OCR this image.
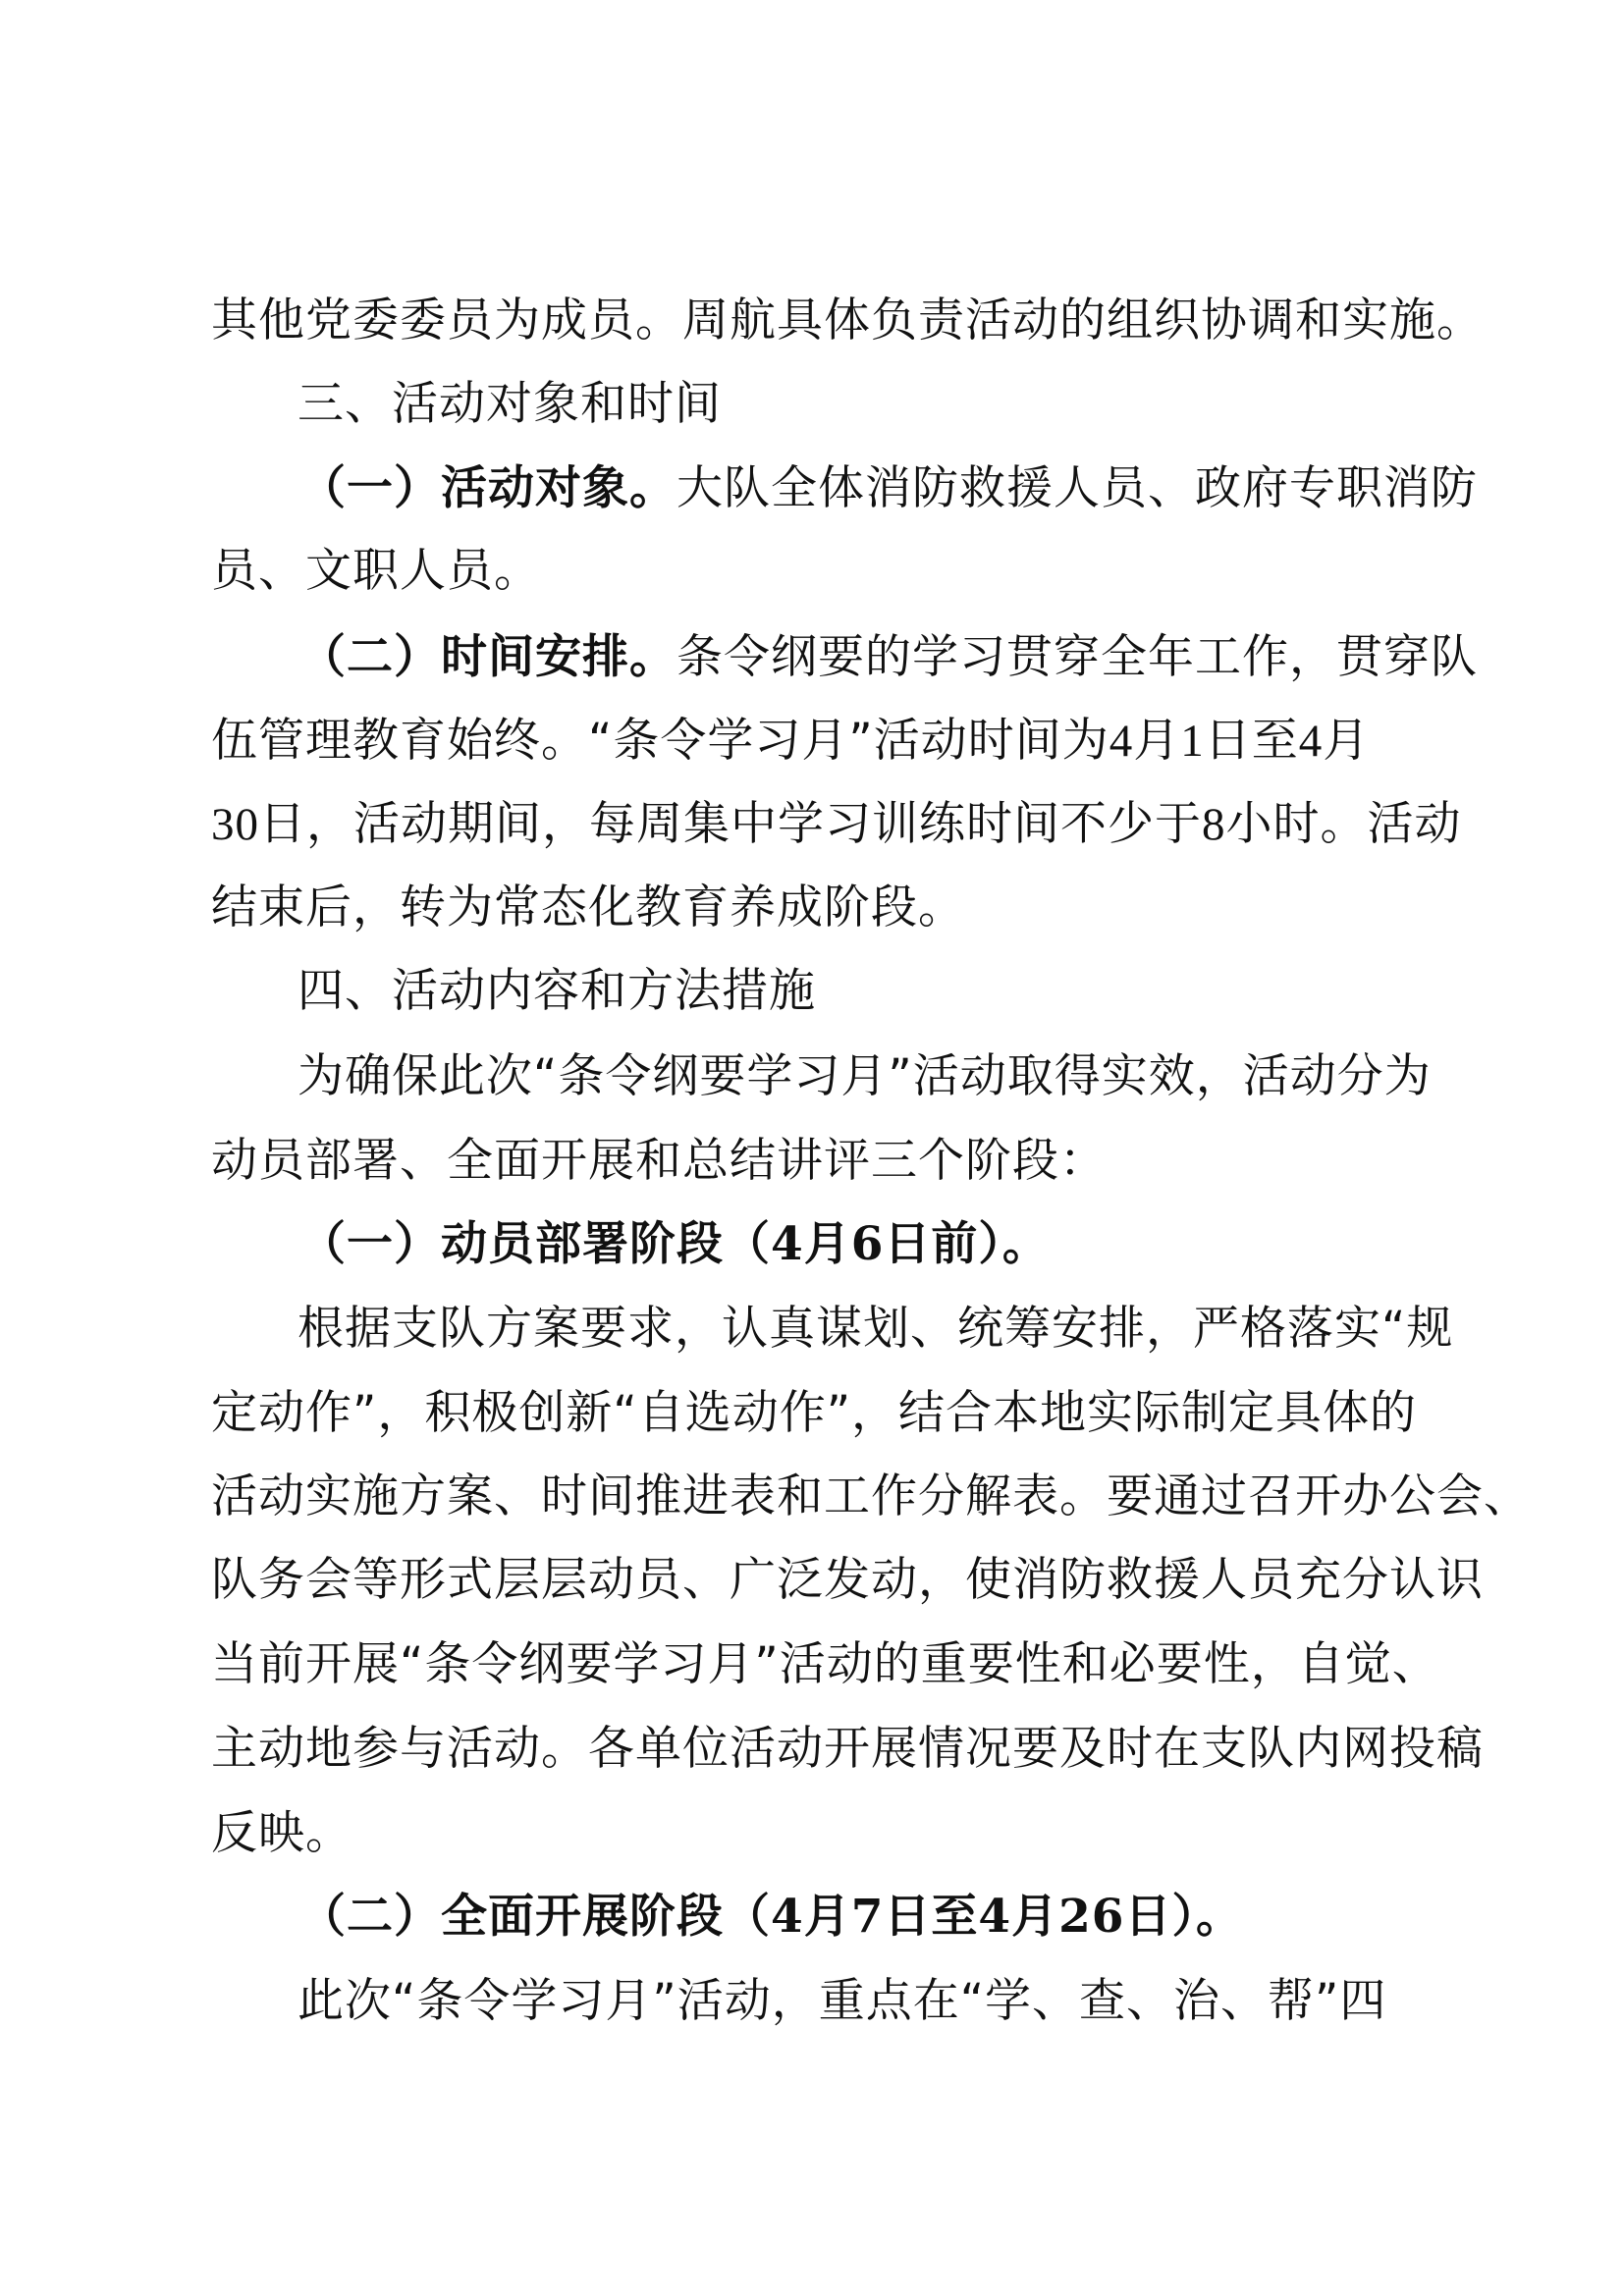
其他党委委员为成员。周航具体负责活动的组织协调和实施。
三、活动对象和时间
（一）活动对象。大队全体消防救援人员、政府专职消防
员、文职人员。
（二）时间安排。条令纲要的学习贯穿全年工作，贯穿队
伍管理教育始终。“条令学习月”活动时间为4月1日至4月
30日，活动期间，每周集中学习训练时间不少于8小时。活动
结束后，转为常态化教育养成阶段。
四、活动内容和方法措施
为确保此次“条令纲要学习月”活动取得实效，活动分为
动员部署、全面开展和总结讲评三个阶段：
（一）动员部署阶段（4月6日前）。
根据支队方案要求，认真谋划、统筹安排，严格落实“规
定动作”，积极创新“自选动作”，结合本地实际制定具体的
活动实施方案、时间推进表和工作分解表。要通过召开办公会、
队务会等形式层层动员、广泛发动，使消防救援人员充分认识
当前开展“条令纲要学习月”活动的重要性和必要性，自觉、
主动地参与活动。各单位活动开展情况要及时在支队内网投稿
反映。
（二）全面开展阶段（4月7日至4月26日）。
此次“条令学习月”活动，重点在“学、查、治、帮”四
